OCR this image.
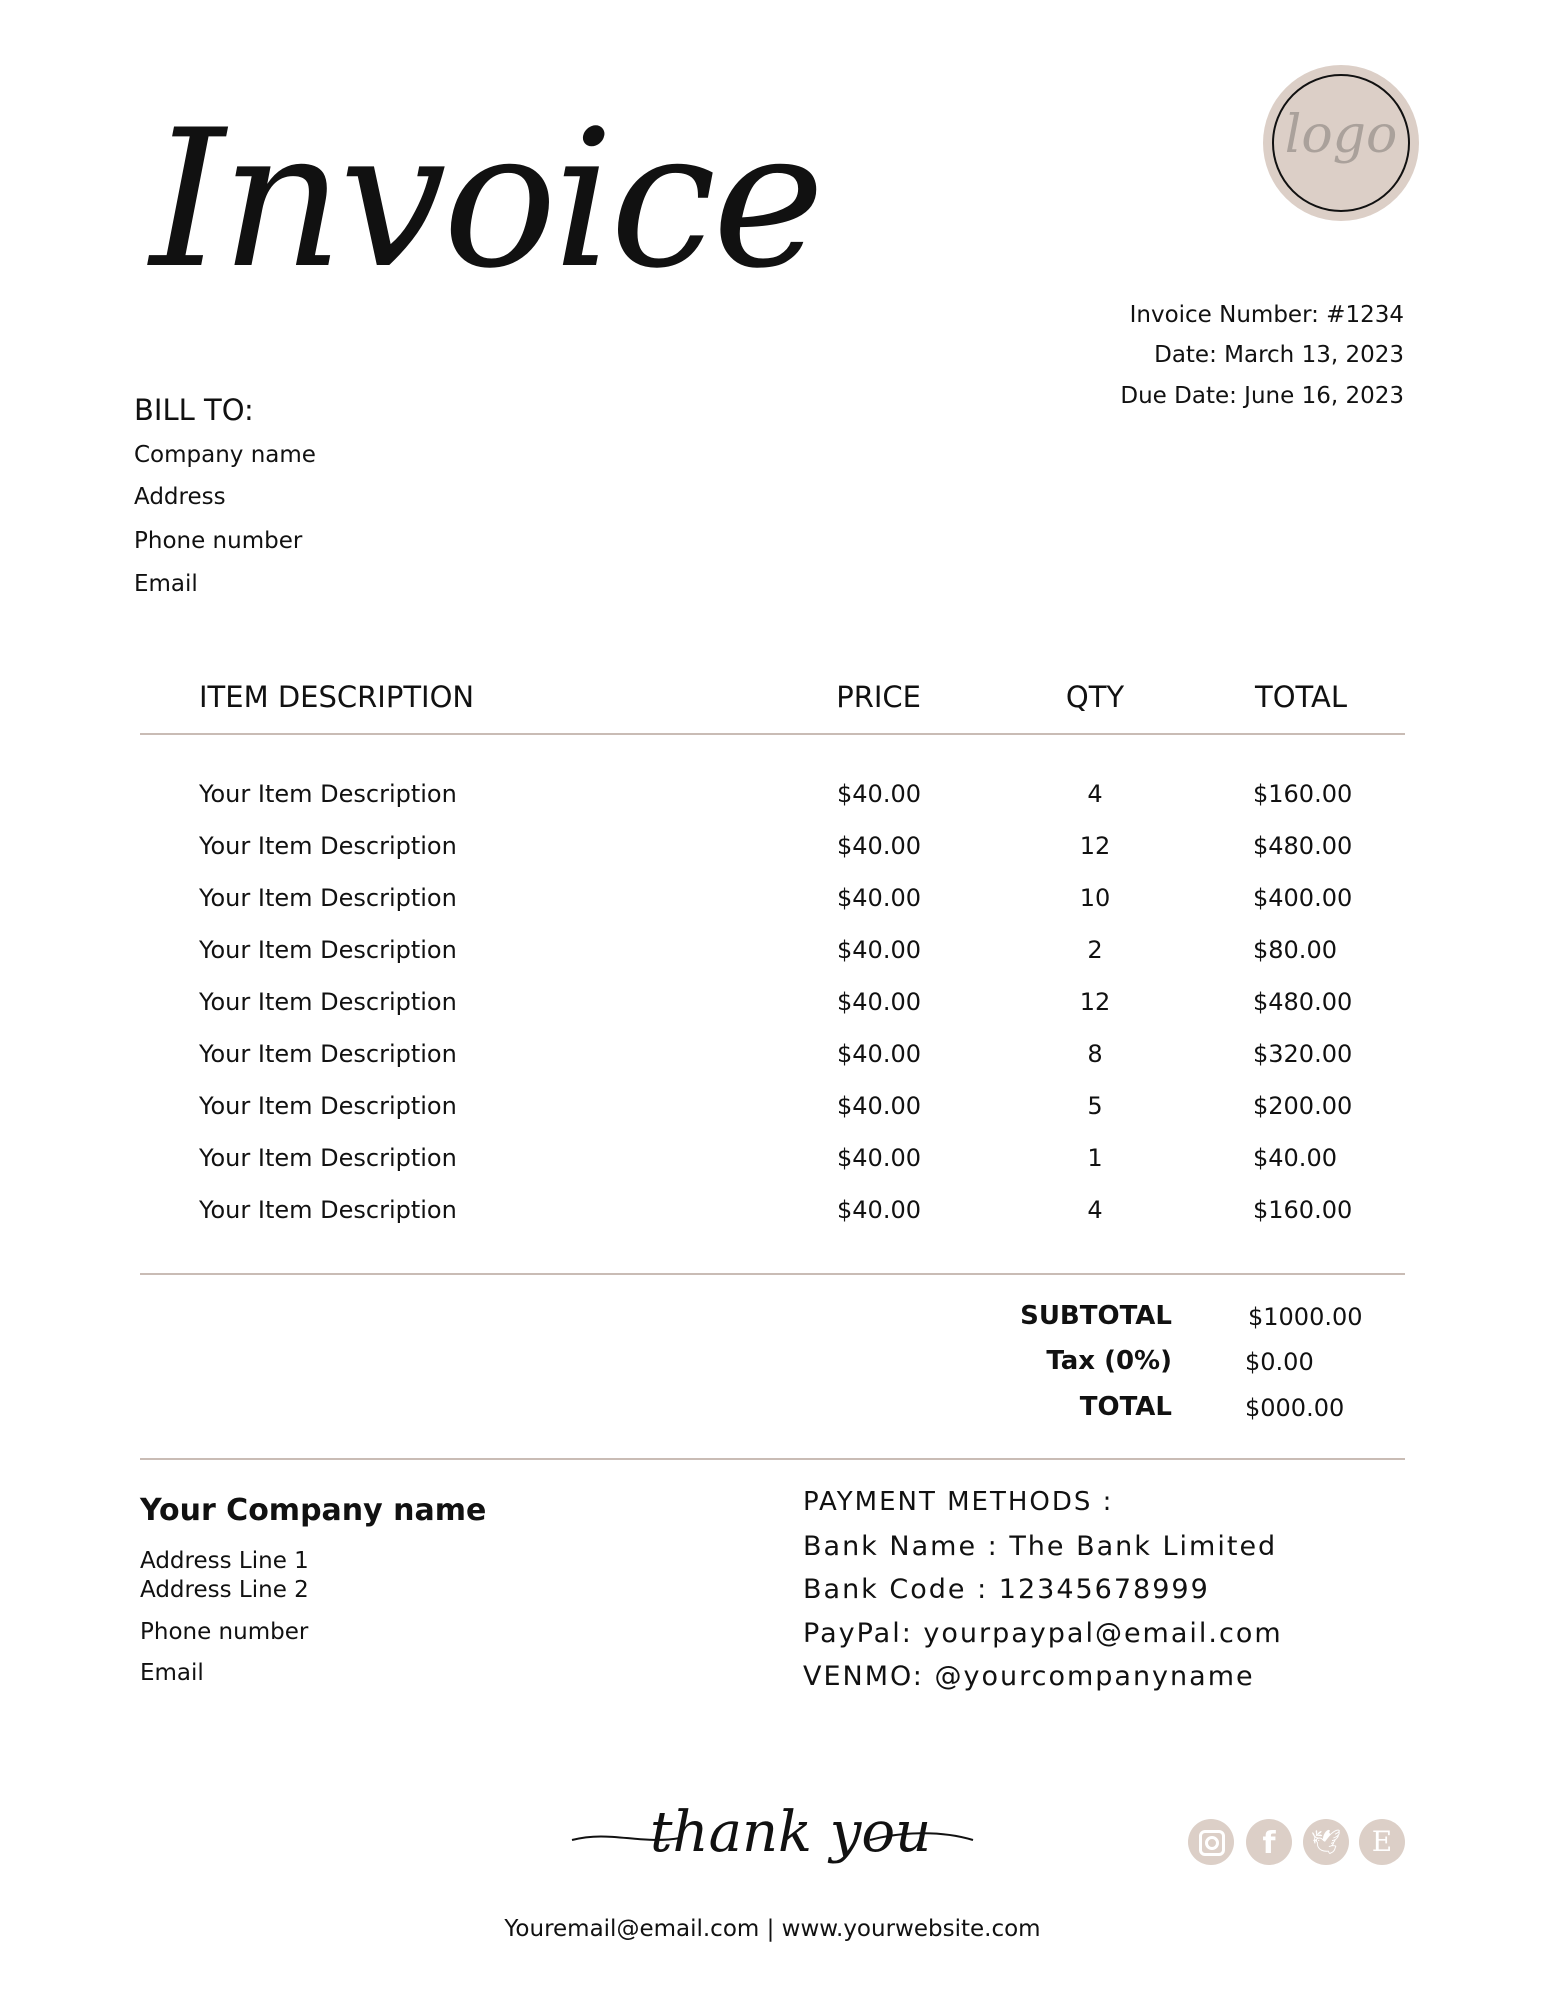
Invoice	logo
Invoice Number: #1234
Date: March 13, 2023
Due Date: June 16, 2023
BILL TO:
Company name
Address
Phone number
Email
ITEM DESCRIPTION	PRICE	QTY	TOTAL
Your Item Description	$40.00	4	$160.00
Your Item Description	$40.00	12	$480.00
Your Item Description	$40.00	10	$400.00
Your Item Description	$40.00	2	$80.00
Your Item Description	$40.00	12	$480.00
Your Item Description	$40.00	8	$320.00
Your Item Description	$40.00	5	$200.00
Your Item Description	$40.00	1	$40.00
Your Item Description	$40.00	4	$160.00
SUBTOTAL	$1000.00
Tax (0%)	$0.00
TOTAL	$000.00
Your Company name
Address Line 1
Address Line 2
Phone number
Email
PAYMENT METHODS :
Bank Name : The Bank Limited
Bank Code : 12345678999
PayPal: yourpaypal@email.com
VENMO: @yourcompanyname
thank you	f	🕊	E
Youremail@email.com | www.yourwebsite.com
